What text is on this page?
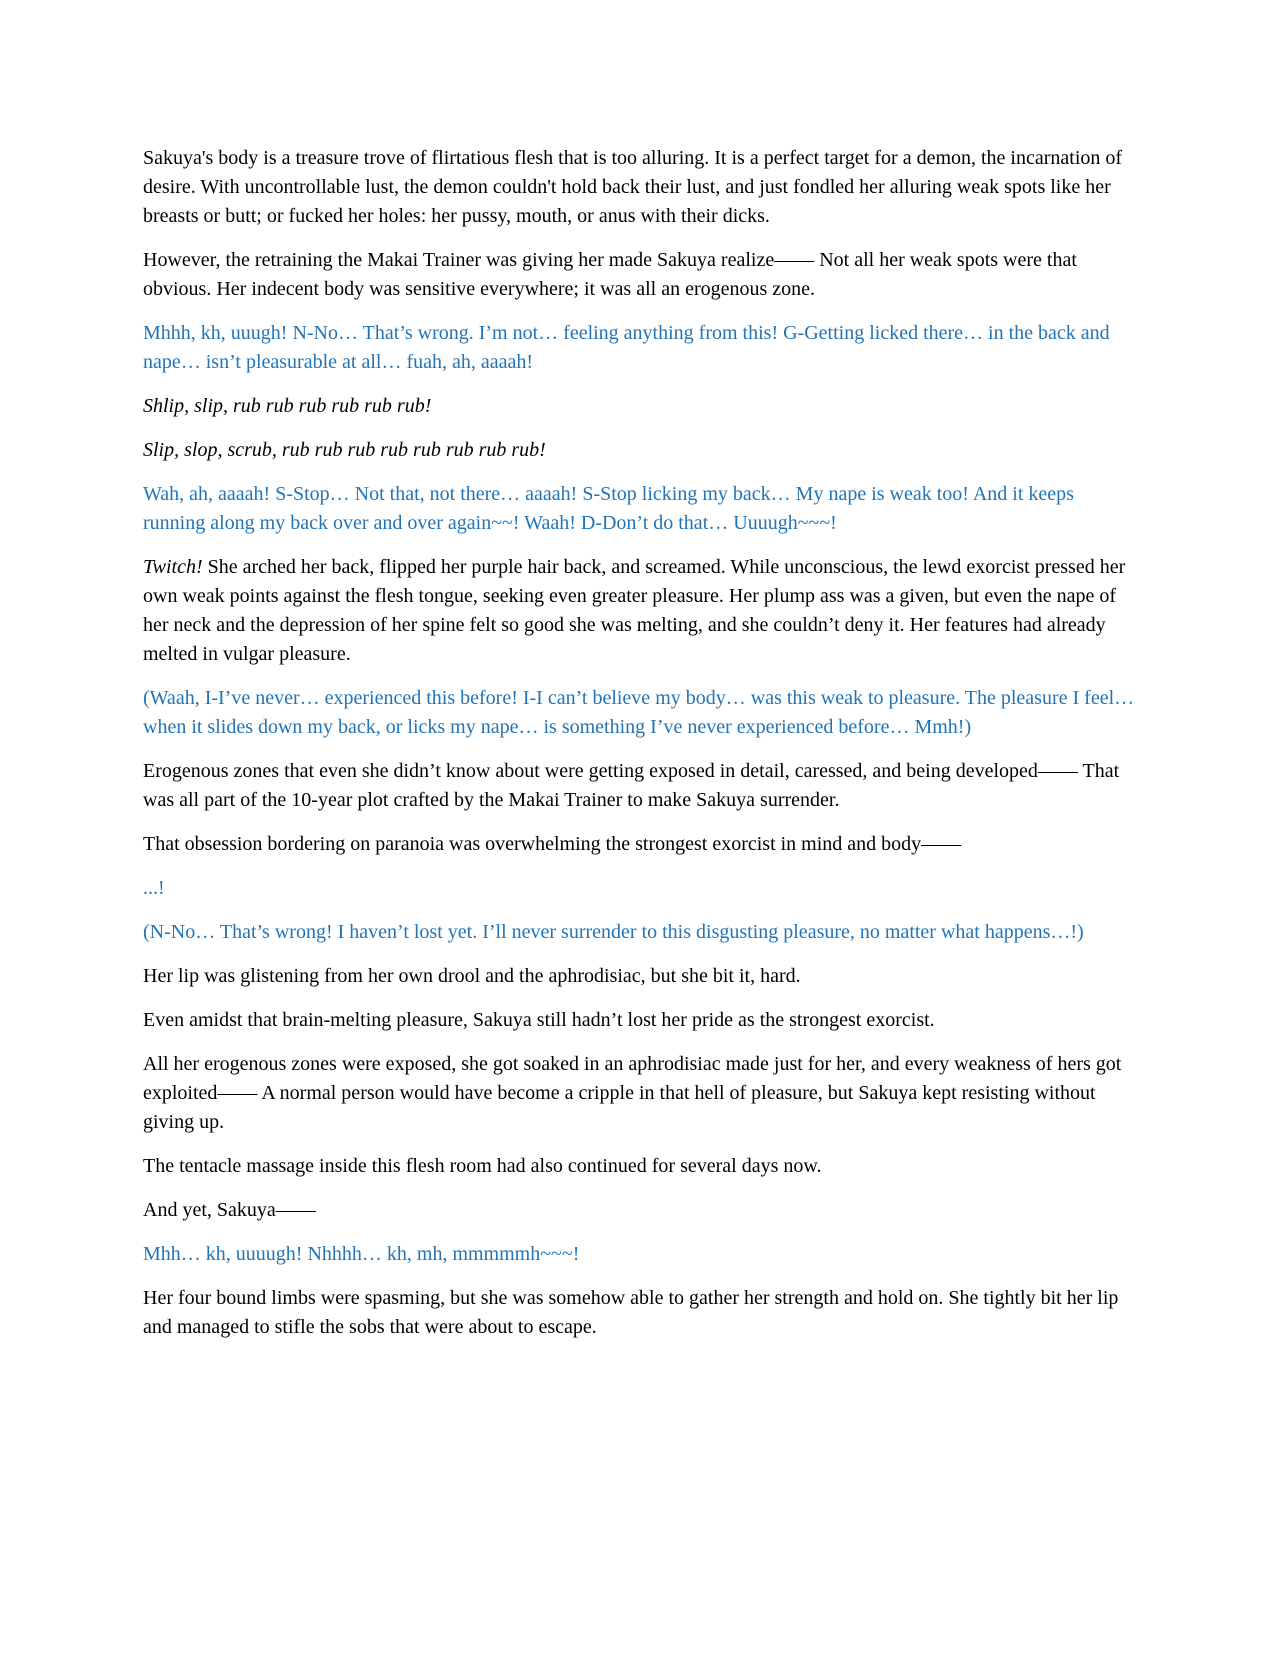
Sakuya's body is a treasure trove of flirtatious flesh that is too alluring. It is a perfect target for a demon, the incarnation of desire. With uncontrollable lust, the demon couldn't hold back their lust, and just fondled her alluring weak spots like her breasts or butt; or fucked her holes: her pussy, mouth, or anus with their dicks.

However, the retraining the Makai Trainer was giving her made Sakuya realize—— Not all her weak spots were that obvious. Her indecent body was sensitive everywhere; it was all an erogenous zone.

Mhhh, kh, uuugh! N-No… That’s wrong. I’m not… feeling anything from this! G-Getting licked there… in the back and nape… isn’t pleasurable at all… fuah, ah, aaaah!

Shlip, slip, rub rub rub rub rub rub!

Slip, slop, scrub, rub rub rub rub rub rub rub rub!

Wah, ah, aaaah! S-Stop… Not that, not there… aaaah! S-Stop licking my back… My nape is weak too! And it keeps running along my back over and over again~~! Waah! D-Don’t do that… Uuuugh~~~!

Twitch! She arched her back, flipped her purple hair back, and screamed. While unconscious, the lewd exorcist pressed her own weak points against the flesh tongue, seeking even greater pleasure. Her plump ass was a given, but even the nape of her neck and the depression of her spine felt so good she was melting, and she couldn’t deny it. Her features had already melted in vulgar pleasure.

(Waah, I-I’ve never… experienced this before! I-I can’t believe my body… was this weak to pleasure. The pleasure I feel… when it slides down my back, or licks my nape… is something I’ve never experienced before… Mmh!)

Erogenous zones that even she didn’t know about were getting exposed in detail, caressed, and being developed—— That was all part of the 10-year plot crafted by the Makai Trainer to make Sakuya surrender.

That obsession bordering on paranoia was overwhelming the strongest exorcist in mind and body——

...!

(N-No… That’s wrong! I haven’t lost yet. I’ll never surrender to this disgusting pleasure, no matter what happens…!)

Her lip was glistening from her own drool and the aphrodisiac, but she bit it, hard.

Even amidst that brain-melting pleasure, Sakuya still hadn’t lost her pride as the strongest exorcist.

All her erogenous zones were exposed, she got soaked in an aphrodisiac made just for her, and every weakness of hers got exploited—— A normal person would have become a cripple in that hell of pleasure, but Sakuya kept resisting without giving up.

The tentacle massage inside this flesh room had also continued for several days now.

And yet, Sakuya——

Mhh… kh, uuuugh! Nhhhh… kh, mh, mmmmmh~~~!

Her four bound limbs were spasming, but she was somehow able to gather her strength and hold on. She tightly bit her lip and managed to stifle the sobs that were about to escape.
